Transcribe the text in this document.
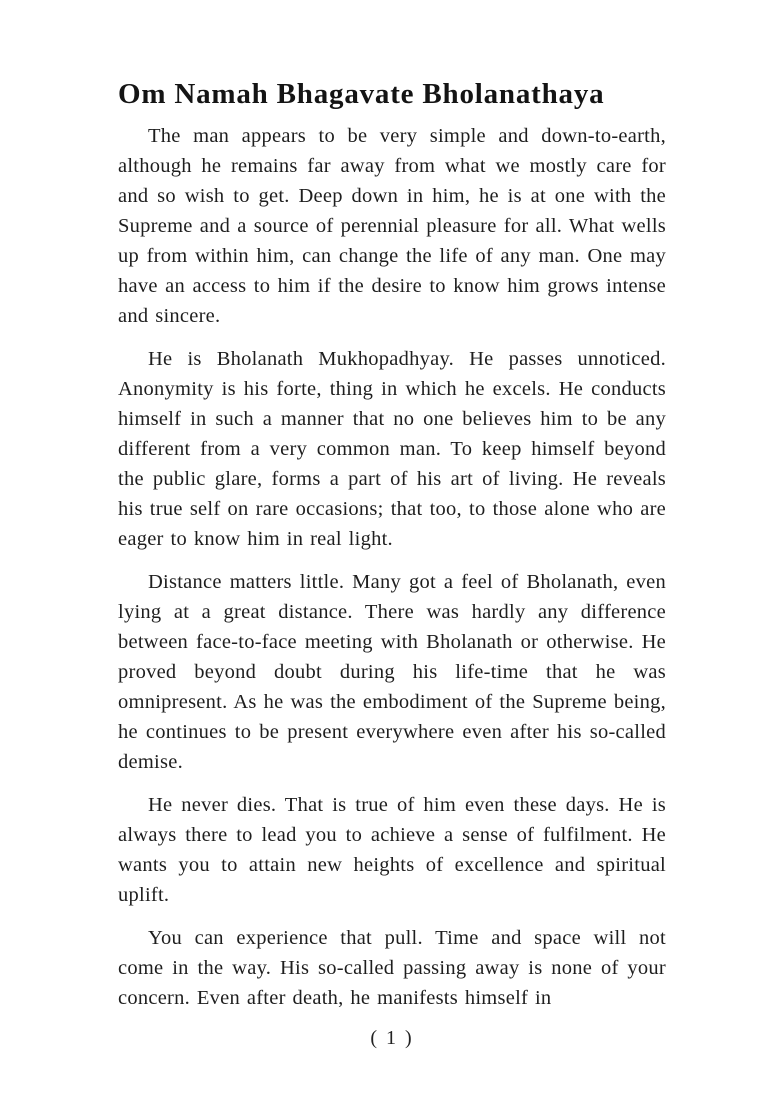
Om Namah Bhagavate Bholanathaya

The man appears to be very simple and down-to-earth, although he remains far away from what we mostly care for and so wish to get. Deep down in him, he is at one with the Supreme and a source of perennial pleasure for all. What wells up from within him, can change the life of any man. One may have an access to him if the desire to know him grows intense and sincere.

He is Bholanath Mukhopadhyay. He passes unnoticed. Anonymity is his forte, thing in which he excels. He conducts himself in such a manner that no one believes him to be any different from a very common man. To keep himself beyond the public glare, forms a part of his art of living. He reveals his true self on rare occasions; that too, to those alone who are eager to know him in real light.

Distance matters little. Many got a feel of Bholanath, even lying at a great distance. There was hardly any difference between face-to-face meeting with Bholanath or otherwise. He proved beyond doubt during his life-time that he was omnipresent. As he was the embodiment of the Supreme being, he continues to be present everywhere even after his so-called demise.

He never dies. That is true of him even these days. He is always there to lead you to achieve a sense of fulfilment. He wants you to attain new heights of excellence and spiritual uplift.

You can experience that pull. Time and space will not come in the way. His so-called passing away is none of your concern. Even after death, he manifests himself in

( 1 )
